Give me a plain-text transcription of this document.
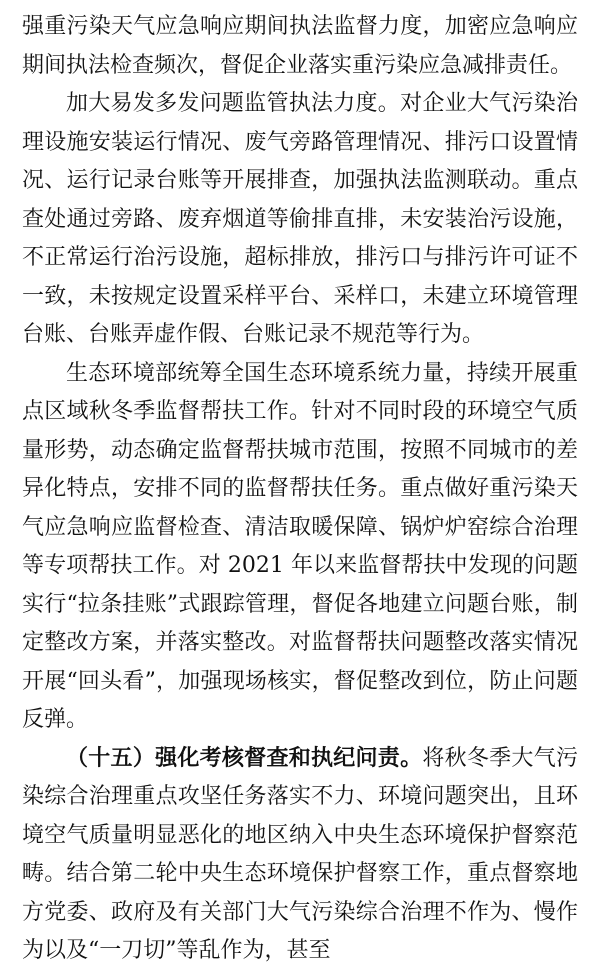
强重污染天气应急响应期间执法监督力度，加密应急响应期间执法检查频次，督促企业落实重污染应急减排责任。

加大易发多发问题监管执法力度。对企业大气污染治理设施安装运行情况、废气旁路管理情况、排污口设置情况、运行记录台账等开展排查，加强执法监测联动。重点查处通过旁路、废弃烟道等偷排直排，未安装治污设施，不正常运行治污设施，超标排放，排污口与排污许可证不一致，未按规定设置采样平台、采样口，未建立环境管理台账、台账弄虚作假、台账记录不规范等行为。

生态环境部统筹全国生态环境系统力量，持续开展重点区域秋冬季监督帮扶工作。针对不同时段的环境空气质量形势，动态确定监督帮扶城市范围，按照不同城市的差异化特点，安排不同的监督帮扶任务。重点做好重污染天气应急响应监督检查、清洁取暖保障、锅炉炉窑综合治理等专项帮扶工作。对 2021 年以来监督帮扶中发现的问题实行“拉条挂账”式跟踪管理，督促各地建立问题台账，制定整改方案，并落实整改。对监督帮扶问题整改落实情况开展“回头看”，加强现场核实，督促整改到位，防止问题反弹。

（十五）强化考核督查和执纪问责。将秋冬季大气污染综合治理重点攻坚任务落实不力、环境问题突出，且环境空气质量明显恶化的地区纳入中央生态环境保护督察范畴。结合第二轮中央生态环境保护督察工作，重点督察地方党委、政府及有关部门大气污染综合治理不作为、慢作为以及“一刀切”等乱作为，甚至
